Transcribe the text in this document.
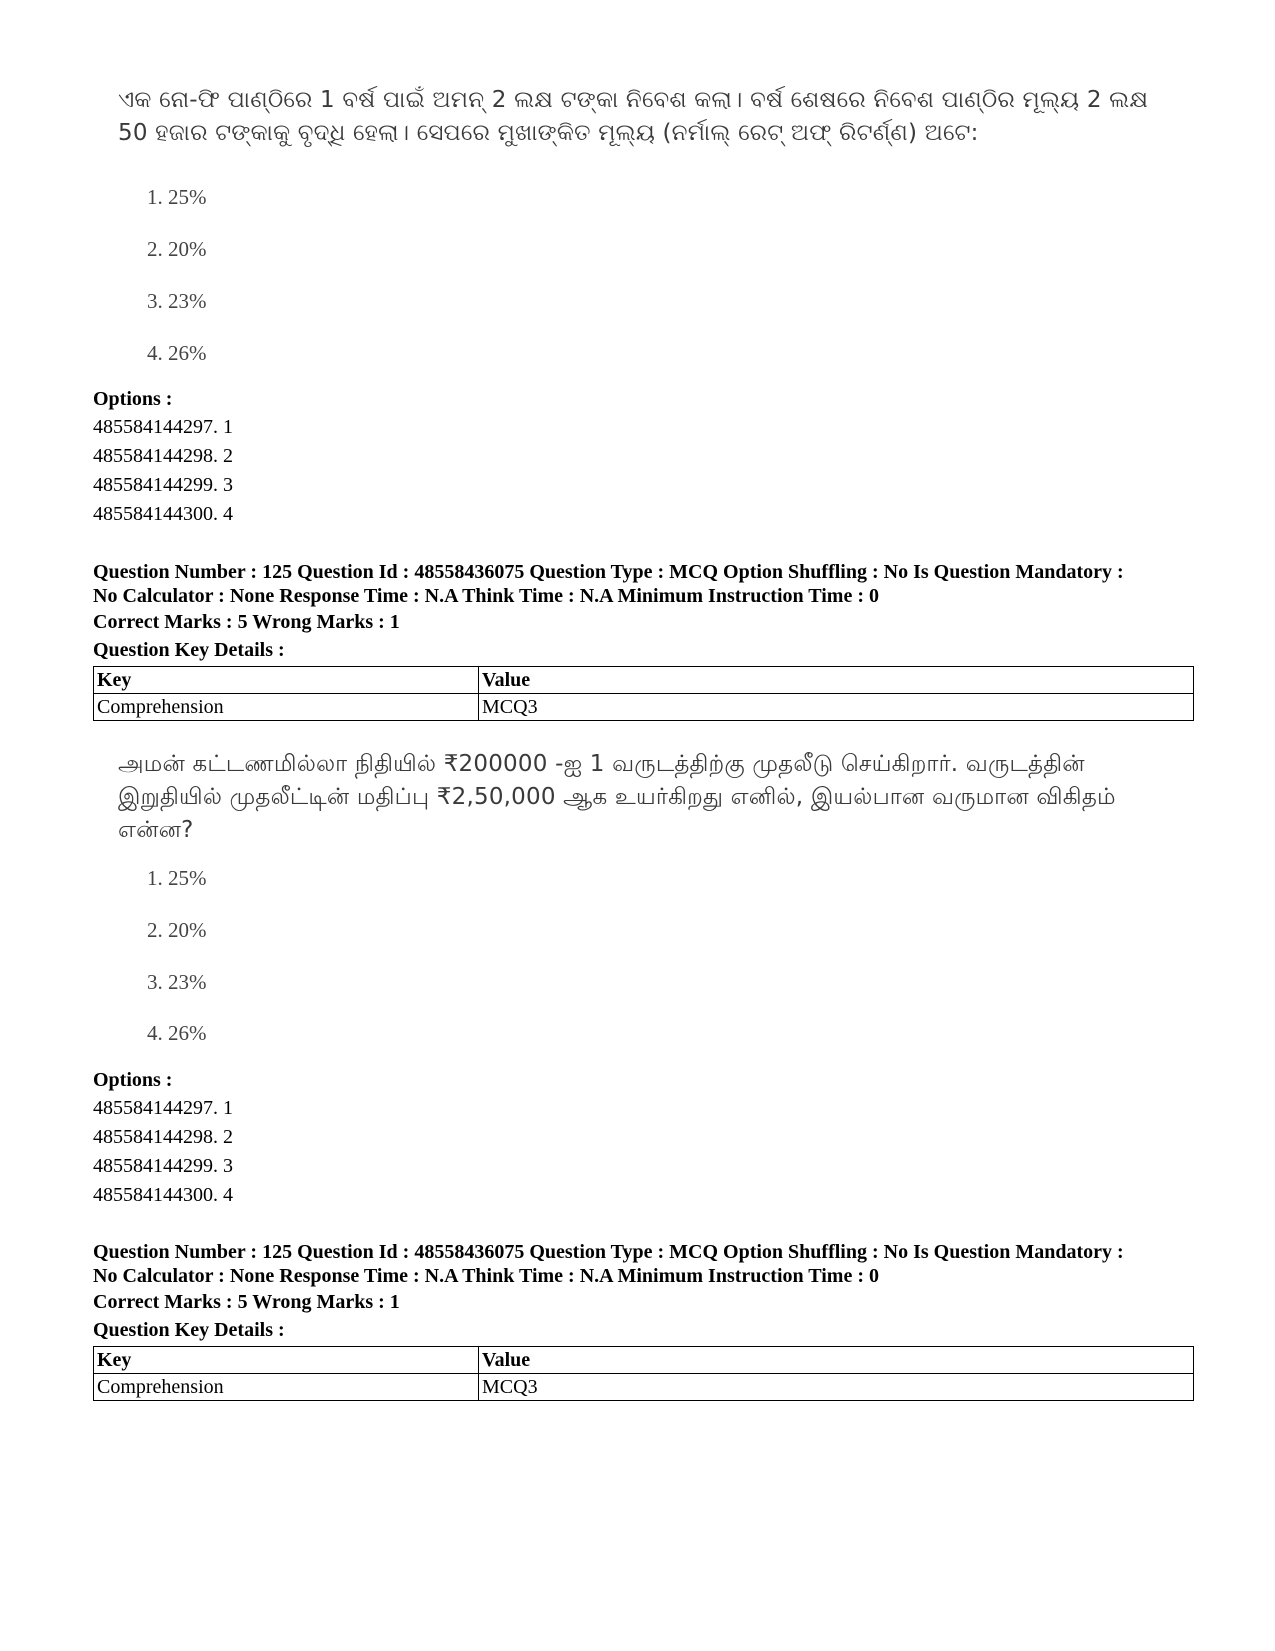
ଏକ ନୋ-ଫି ପାଣ୍ଠିରେ 1 ବର୍ଷ ପାଇଁ ଅମନ୍ 2 ଲକ୍ଷ ଟଙ୍କା ନିବେଶ କଲା। ବର୍ଷ ଶେଷରେ ନିବେଶ ପାଣ୍ଠିର ମୂଲ୍ୟ 2 ଲକ୍ଷ 50 ହଜାର ଟଙ୍କାକୁ ବୃଦ୍ଧି ହେଲା। ସେପରେ ମୁଖାଙ୍କିତ ମୂଲ୍ୟ (ନର୍ମାଲ୍ ରେଟ୍ ଅଫ୍ ରିଟର୍ଣ୍ଣ) ଅଟେ:
1. 25%
2. 20%
3. 23%
4. 26%
Options :
485584144297. 1
485584144298. 2
485584144299. 3
485584144300. 4
Question Number : 125 Question Id : 48558436075 Question Type : MCQ Option Shuffling : No Is Question Mandatory :
No Calculator : None Response Time : N.A Think Time : N.A Minimum Instruction Time : 0
Correct Marks : 5 Wrong Marks : 1
Question Key Details :
Key	Value
Comprehension	MCQ3
அமன் கட்டணமில்லா நிதியில் ₹200000 -ஐ 1 வருடத்திற்கு முதலீடு செய்கிறார். வருடத்தின் இறுதியில் முதலீட்டின் மதிப்பு ₹2,50,000 ஆக உயர்கிறது எனில், இயல்பான வருமான விகிதம் என்ன?
1. 25%
2. 20%
3. 23%
4. 26%
Options :
485584144297. 1
485584144298. 2
485584144299. 3
485584144300. 4
Question Number : 125 Question Id : 48558436075 Question Type : MCQ Option Shuffling : No Is Question Mandatory :
No Calculator : None Response Time : N.A Think Time : N.A Minimum Instruction Time : 0
Correct Marks : 5 Wrong Marks : 1
Question Key Details :
Key	Value
Comprehension	MCQ3
